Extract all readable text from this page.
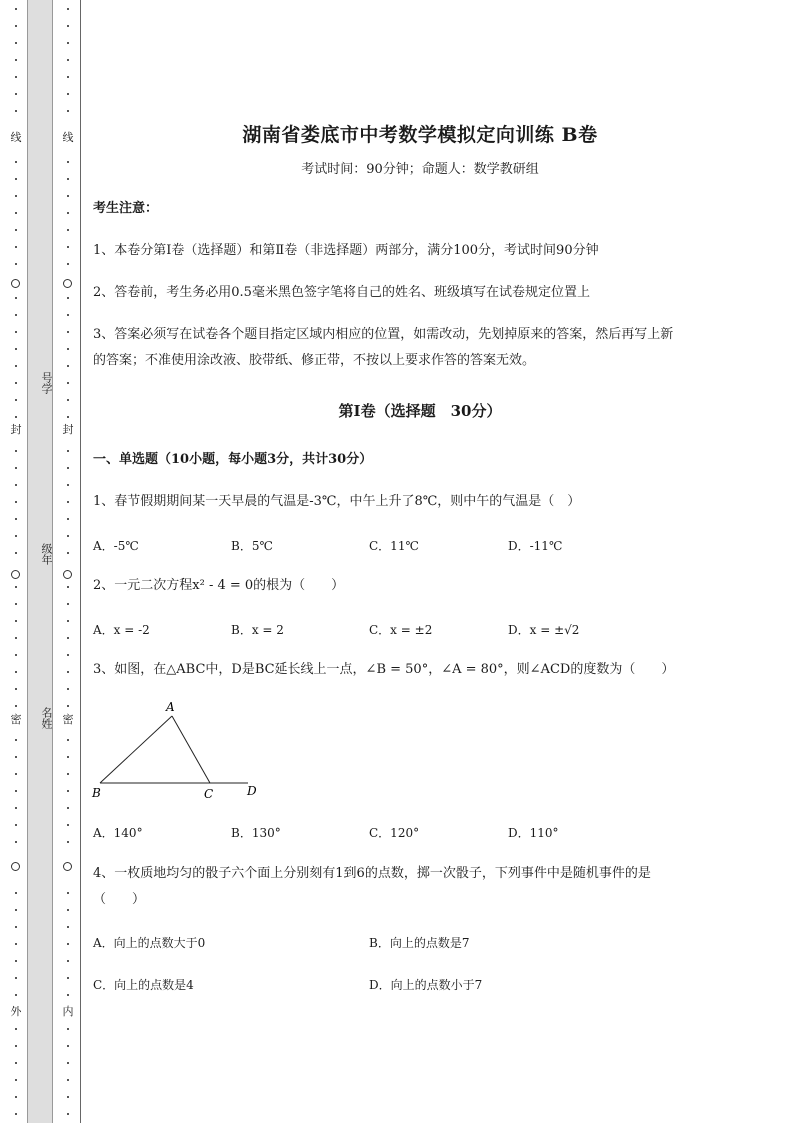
线
封
密
外
号学
级年
名姓
线
封
密
内
湖南省娄底市中考数学模拟定向训练 B卷
考试时间：90分钟；命题人：数学教研组
考生注意：
1、本卷分第Ⅰ卷（选择题）和第Ⅱ卷（非选择题）两部分，满分100分，考试时间90分钟
2、答卷前，考生务必用0.5毫米黑色签字笔将自己的姓名、班级填写在试卷规定位置上
3、答案必须写在试卷各个题目指定区域内相应的位置，如需改动，先划掉原来的答案，然后再写上新
的答案；不准使用涂改液、胶带纸、修正带，不按以上要求作答的答案无效。
第Ⅰ卷（选择题　30分）
一、单选题（10小题，每小题3分，共计30分）
1、春节假期期间某一天早晨的气温是-3℃，中午上升了8℃，则中午的气温是（　）
A．-5℃	B．5℃	C．11℃	D．-11℃
2、一元二次方程x² - 4 = 0的根为（　　）
A．x = -2	B．x = 2	C．x = ±2	D．x = ±√2
3、如图，在△ABC中，D是BC延长线上一点，∠B = 50°，∠A = 80°，则∠ACD的度数为（　　）
A
B	C	D
A．140°	B．130°	C．120°	D．110°
4、一枚质地均匀的骰子六个面上分别刻有1到6的点数，掷一次骰子，下列事件中是随机事件的是
（　　）
A．向上的点数大于0	B．向上的点数是7
C．向上的点数是4	D．向上的点数小于7
